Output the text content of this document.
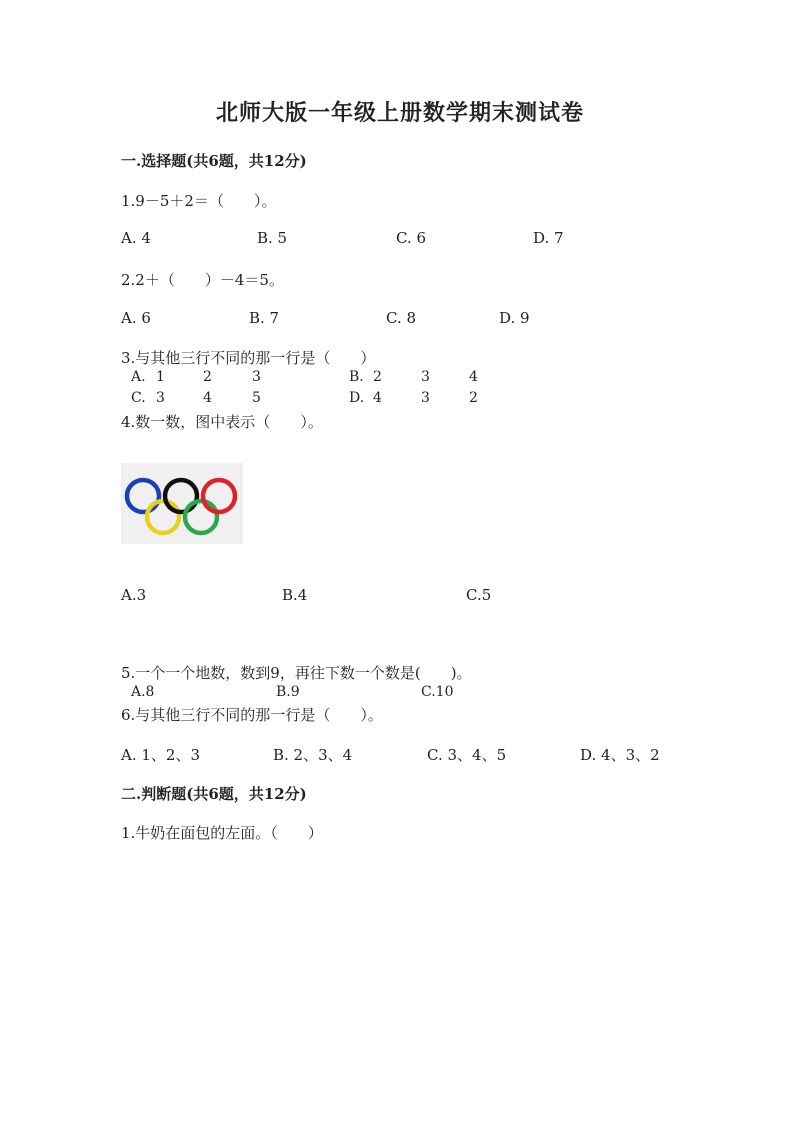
北师大版一年级上册数学期末测试卷
一.选择题(共6题，共12分)
1.9－5＋2＝（　　）。
A. 4	B. 5	C. 6	D. 7
2.2＋（　　）－4＝5。
A. 6	B. 7	C. 8	D. 9
3.与其他三行不同的那一行是（　　）
A. 1	2	3	B. 2	3	4
C. 3	4	5	D. 4	3	2
4.数一数，图中表示（　　）。
A.3	B.4	C.5
5.一个一个地数，数到9，再往下数一个数是(　　)。
A.8	B.9	C.10
6.与其他三行不同的那一行是（　　）。
A. 1、2、3	B. 2、3、4	C. 3、4、5	D. 4、3、2
二.判断题(共6题，共12分)
1.牛奶在面包的左面。（　　）
